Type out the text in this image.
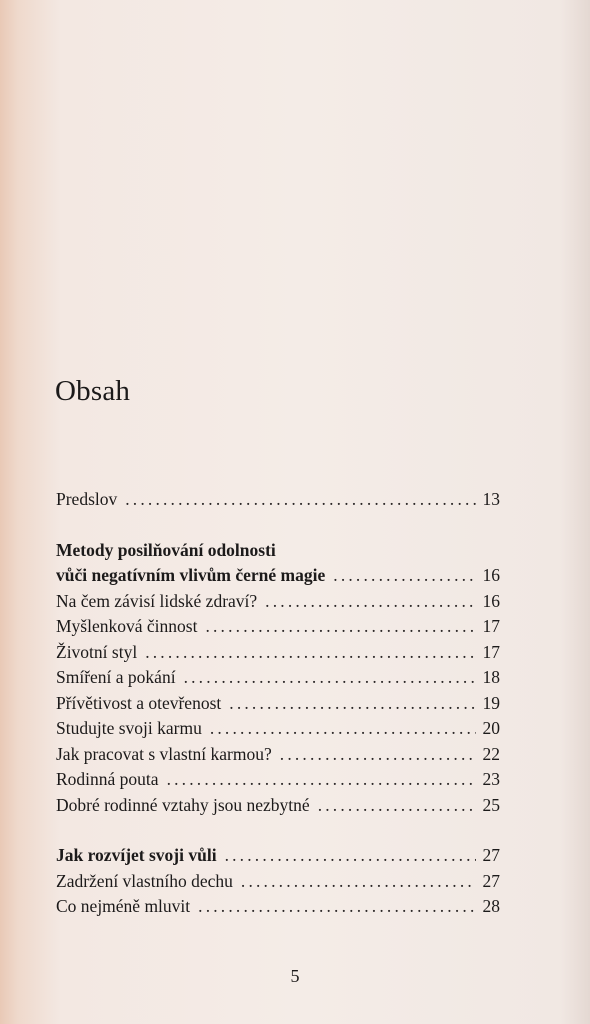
Obsah
Predslov . . .	13
Metody posilňování odolnosti
vůči negatívním vlivům černé magie . . .	16
Na čem závisí lidské zdraví? . . .	16
Myšlenková činnost . . .	17
Životní styl . . .	17
Smíření a pokání . . .	18
Přívětivost a otevřenost . . .	19
Studujte svoji karmu . . .	20
Jak pracovat s vlastní karmou? . . .	22
Rodinná pouta . . .	23
Dobré rodinné vztahy jsou nezbytné . . .	25
Jak rozvíjet svoji vůli . . .	27
Zadržení vlastního dechu . . .	27
Co nejméně mluvit . . .	28
5
